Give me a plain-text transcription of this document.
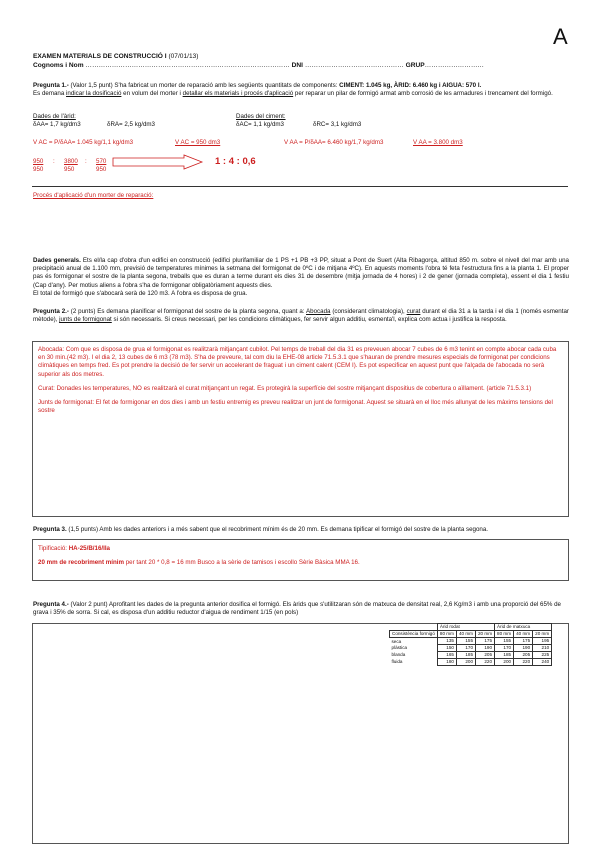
A
EXAMEN MATERIALS DE CONSTRUCCIÓ I (07/01/13)
Cognoms i Nom ………………………………………………………………………………… DNI ……………………………………… GRUP………………………

Pregunta 1.- (Valor 1,5 punt) S'ha fabricat un morter de reparació amb les següents quantitats de components: CIMENT: 1.045 kg, ÀRID: 6.460 kg i AIGUA: 570 l.
Es demana indicar la dosificació en volum del morter i detallar els materials i procés d'aplicació per reparar un pilar de formigó armat amb corrosió de les armadures i trencament del formigó.

Dades de l'àrid:
δAA= 1,7 kg/dm3	δRA= 2,5 kg/dm3
Dades del ciment:
δAC= 1,1 kg/dm3	δRC= 3,1 kg/dm3
V AC = P/δAA= 1.045 kg/1,1 kg/dm3	V AC = 950 dm3	V AA = P/δAA= 6.460 kg/1,7 kg/dm3	V AA = 3.800 dm3
950 : 3800 : 570
950	950	950
1 : 4 : 0,6
Procés d'aplicació d'un morter de reparació:

Dades generals. Ets el/la cap d'obra d'un edifici en construcció (edifici plurifamiliar de 1 PS +1 PB +3 PP, situat a Pont de Suert (Alta Ribagorça, altitud 850 m. sobre el nivell del mar amb una precipitació anual de 1.100 mm, previsió de temperatures mínimes la setmana del formigonat de 0ºC i de mitjana 4ºC). En aquests moments l'obra té feta l'estructura fins a la planta 1. El proper pas és formigonar el sostre de la planta segona, treballs que es duran a terme durant els dies 31 de desembre (mitja jornada de 4 hores) i 2 de gener (jornada completa), essent el dia 1 festiu (Cap d'any). Per motius aliens a l'obra s'ha de formigonar obligatòriament aquests dies.

El total de formigó que s'abocarà serà de 120 m3. A l'obra es disposa de grua.

Pregunta 2.- (2 punts) Es demana planificar el formigonat del sostre de la planta segona, quant a: Abocada (considerant climatologia), curat durant el dia 31 a la tarda i el dia 1 (només esmentar mètode), junts de formigonat si són necessaris. Si creus necessari, per les condicions climàtiques, fer servir algun additiu, esmenta'l, explica com actua i justifica la resposta.

Abocada: Com que es disposa de grua el formigonat es realitzarà mitjançant cubilot. Pel temps de treball del dia 31 es preveuen abocar 7 cubes de 6 m3 tenint en compte abocar cada cuba en 30 min.(42 m3). I el dia 2, 13 cubes de 6 m3 (78 m3). S'ha de preveure, tal com diu la EHE-08 article 71.5.3.1 que s'hauran de prendre mesures especials de formigonat per condicions climàtiques en temps fred. Es pot prendre la decisió de fer servir un accelerant de fraguat i un ciment calent (CEM I). Es pot especificar en aquest punt que l'alçada de l'abocada no serà superior als dos metres.

Curat: Donades les temperatures, NO es realitzarà el curat mitjançant un regat. Es protegirà la superfície del sostre mitjançant dispositius de cobertura o aïllament. (article 71.5.3.1)

Junts de formigonat: El fet de formigonar en dos dies i amb un festiu entremig es preveu realitzar un junt de formigonat. Aquest se situarà en el lloc més allunyat de les màxims tensions del sostre

Pregunta 3. (1,5 punts) Amb les dades anteriors i a més sabent que el recobriment mínim és de 20 mm. Es demana tipificar el formigó del sostre de la planta segona.

Tipificació: HA-25/B/16/IIa
20 mm de recobriment mínim per tant 20 * 0,8 = 16 mm Busco a la sèrie de tamisos i escollo Sèrie Bàsica MMA 16.

Pregunta 4.- (Valor 2 punt) Aprofitant les dades de la pregunta anterior dosifica el formigó. Els àrids que s'utilitzaran són de matxuca de densitat real, 2,6 Kg/m3 i amb una proporció del 65% de grava i 35% de sorra. Si cal, es disposa d'un additiu reductor d'aigua de rendiment 1/15 (en pols)

	Àrid rodat			Àrid de matxuca		
Consistència formigó	80 mm	40 mm	20 mm	80 mm	40 mm	20 mm
seca	135	155	175	155	175	195
plàstica	150	170	190	170	190	210
blanda	165	185	205	185	205	225
fluida	180	200	220	200	220	240
